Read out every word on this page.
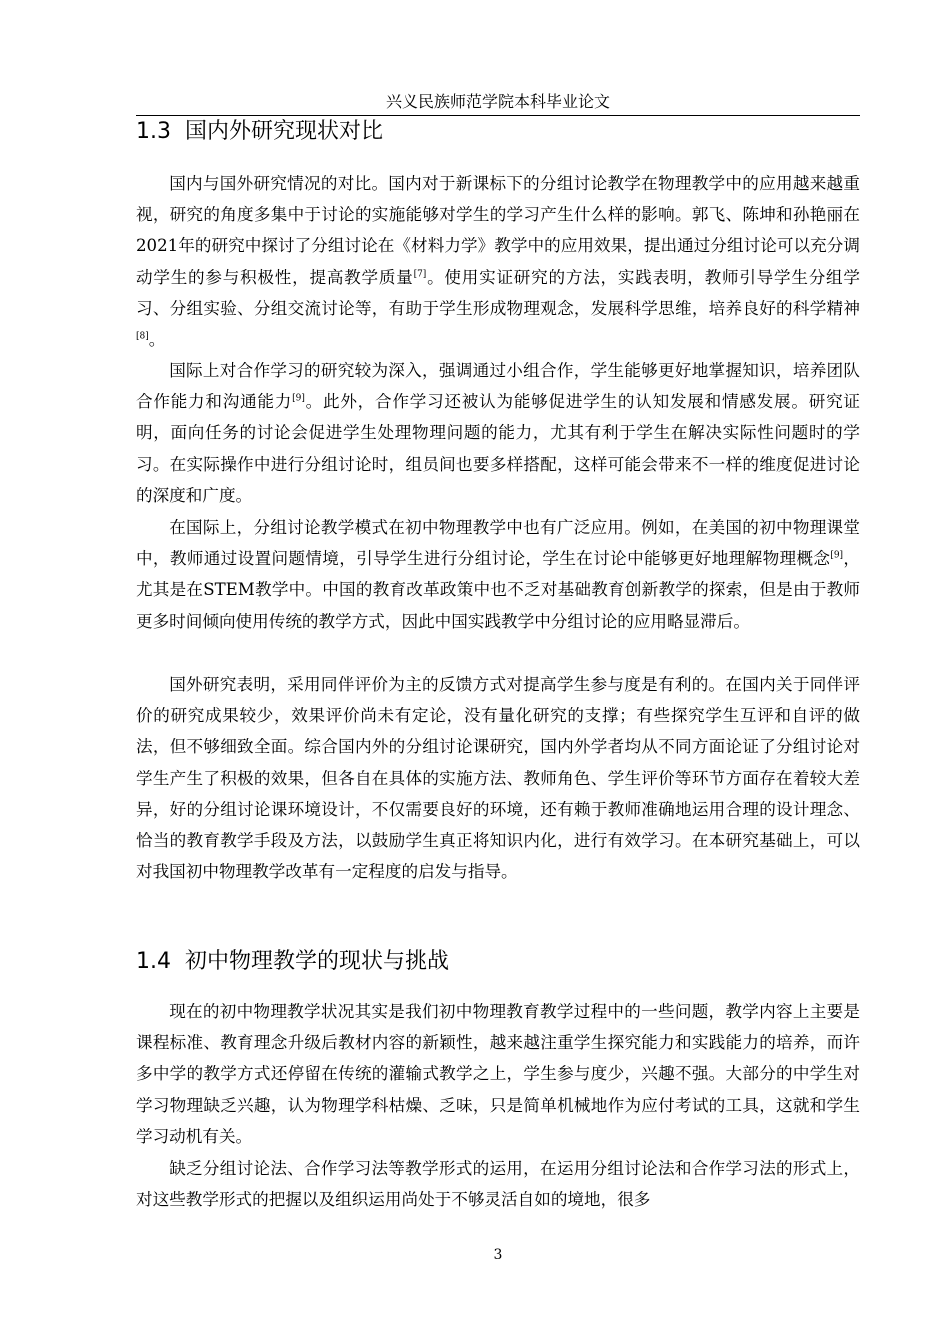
兴义民族师范学院本科毕业论文
1.3 国内外研究现状对比

国内与国外研究情况的对比。国内对于新课标下的分组讨论教学在物理教学中的应用越来越重视，研究的角度多集中于讨论的实施能够对学生的学习产生什么样的影响。郭飞、陈坤和孙艳丽在2021年的研究中探讨了分组讨论在《材料力学》教学中的应用效果，提出通过分组讨论可以充分调动学生的参与积极性，提高教学质量[7]。使用实证研究的方法，实践表明，教师引导学生分组学习、分组实验、分组交流讨论等，有助于学生形成物理观念，发展科学思维，培养良好的科学精神[8]。

国际上对合作学习的研究较为深入，强调通过小组合作，学生能够更好地掌握知识，培养团队合作能力和沟通能力[9]。此外，合作学习还被认为能够促进学生的认知发展和情感发展。研究证明，面向任务的讨论会促进学生处理物理问题的能力，尤其有利于学生在解决实际性问题时的学习。在实际操作中进行分组讨论时，组员间也要多样搭配，这样可能会带来不一样的维度促进讨论的深度和广度。

在国际上，分组讨论教学模式在初中物理教学中也有广泛应用。例如，在美国的初中物理课堂中，教师通过设置问题情境，引导学生进行分组讨论，学生在讨论中能够更好地理解物理概念[9]，尤其是在STEM教学中。中国的教育改革政策中也不乏对基础教育创新教学的探索，但是由于教师更多时间倾向使用传统的教学方式，因此中国实践教学中分组讨论的应用略显滞后。

国外研究表明，采用同伴评价为主的反馈方式对提高学生参与度是有利的。在国内关于同伴评价的研究成果较少，效果评价尚未有定论，没有量化研究的支撑；有些探究学生互评和自评的做法，但不够细致全面。综合国内外的分组讨论课研究，国内外学者均从不同方面论证了分组讨论对学生产生了积极的效果，但各自在具体的实施方法、教师角色、学生评价等环节方面存在着较大差异，好的分组讨论课环境设计，不仅需要良好的环境，还有赖于教师准确地运用合理的设计理念、恰当的教育教学手段及方法，以鼓励学生真正将知识内化，进行有效学习。在本研究基础上，可以对我国初中物理教学改革有一定程度的启发与指导。

1.4 初中物理教学的现状与挑战

现在的初中物理教学状况其实是我们初中物理教育教学过程中的一些问题，教学内容上主要是课程标准、教育理念升级后教材内容的新颖性，越来越注重学生探究能力和实践能力的培养，而许多中学的教学方式还停留在传统的灌输式教学之上，学生参与度少，兴趣不强。大部分的中学生对学习物理缺乏兴趣，认为物理学科枯燥、乏味，只是简单机械地作为应付考试的工具，这就和学生学习动机有关。

缺乏分组讨论法、合作学习法等教学形式的运用，在运用分组讨论法和合作学习法的形式上，对这些教学形式的把握以及组织运用尚处于不够灵活自如的境地，很多

3
